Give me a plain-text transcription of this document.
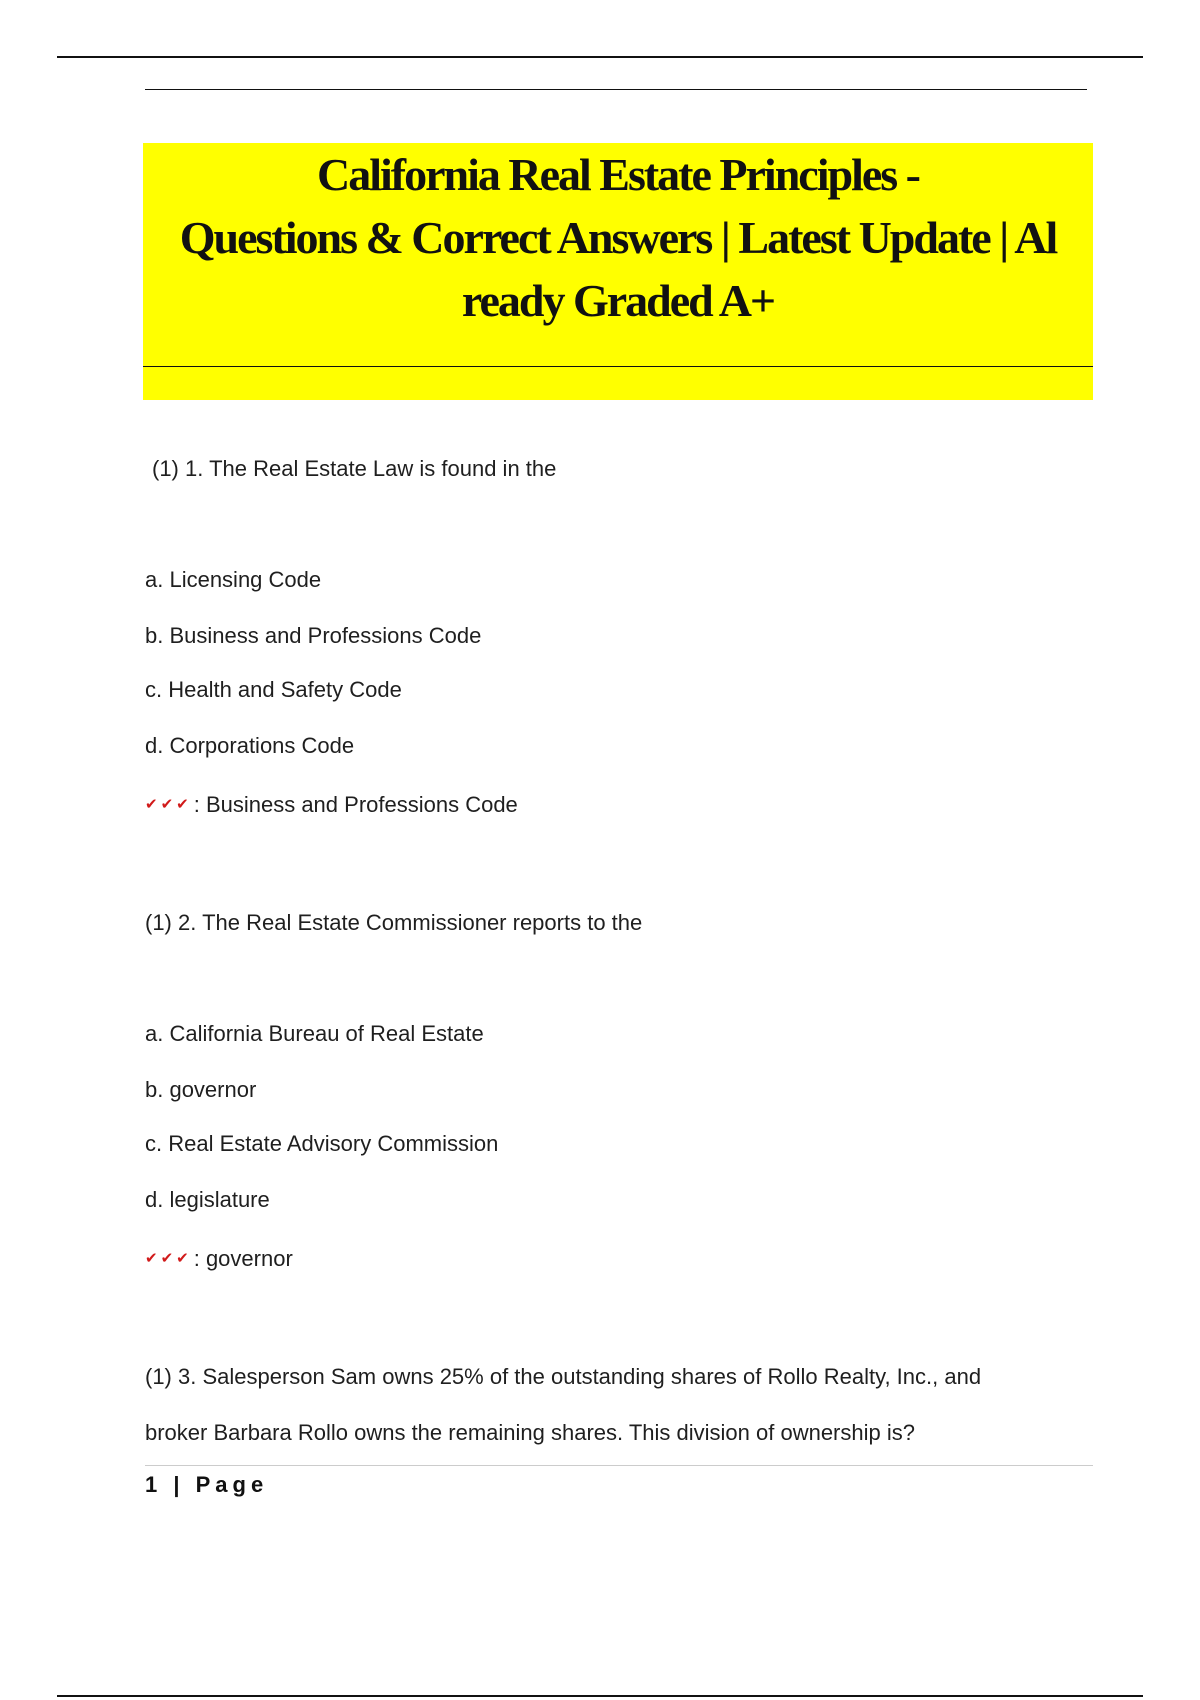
California Real Estate Principles -
Questions & Correct Answers | Latest Update | Al
ready Graded A+
(1) 1. The Real Estate Law is found in the
a. Licensing Code
b. Business and Professions Code
c. Health and Safety Code
d. Corporations Code
✔✔✔ : Business and Professions Code
(1) 2. The Real Estate Commissioner reports to the
a. California Bureau of Real Estate
b. governor
c. Real Estate Advisory Commission
d. legislature
✔✔✔ : governor
(1) 3. Salesperson Sam owns 25% of the outstanding shares of Rollo Realty, Inc., and
broker Barbara Rollo owns the remaining shares. This division of ownership is?
1 | Page
